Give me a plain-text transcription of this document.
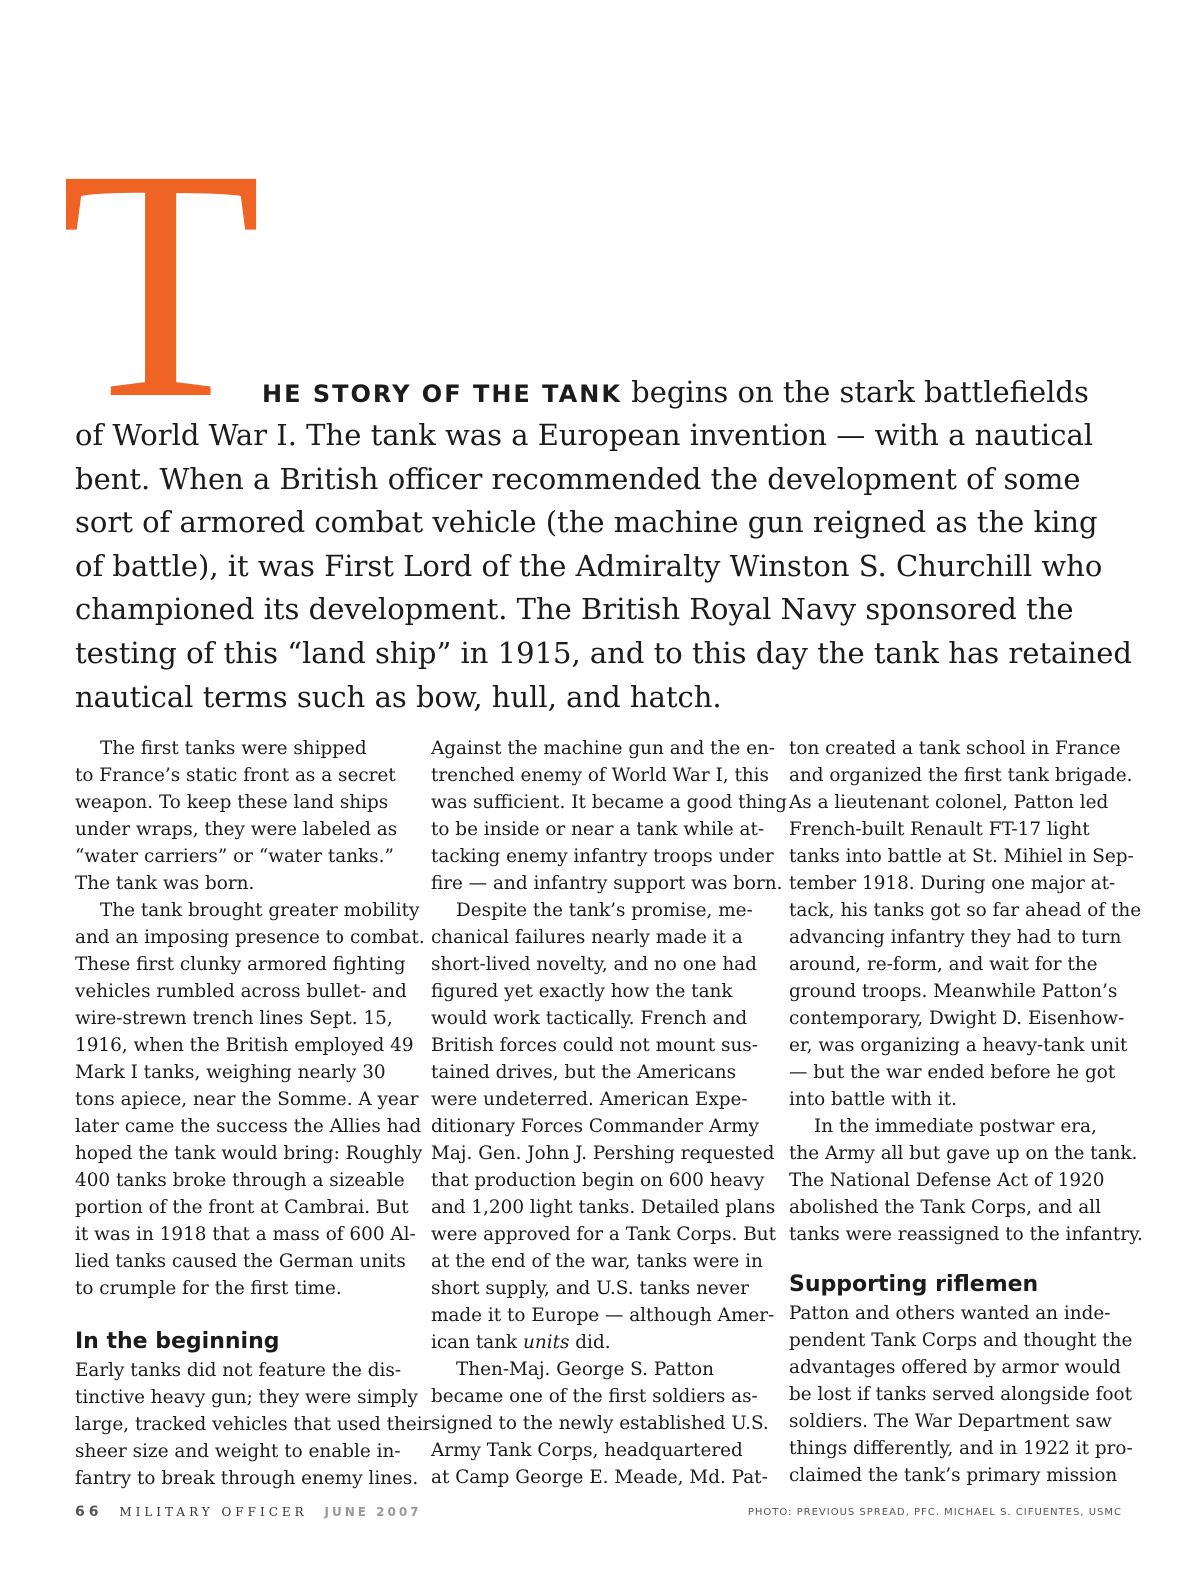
T HE STORY OF THE TANK begins on the stark battlefields
of World War I. The tank was a European invention — with a nautical
bent. When a British officer recommended the development of some
sort of armored combat vehicle (the machine gun reigned as the king
of battle), it was First Lord of the Admiralty Winston S. Churchill who
championed its development. The British Royal Navy sponsored the
testing of this “land ship” in 1915, and to this day the tank has retained
nautical terms such as bow, hull, and hatch.
The first tanks were shipped
to France’s static front as a secret
weapon. To keep these land ships
under wraps, they were labeled as
“water carriers” or “water tanks.”
The tank was born.
The tank brought greater mobility
and an imposing presence to combat.
These first clunky armored fighting
vehicles rumbled across bullet- and
wire-strewn trench lines Sept. 15,
1916, when the British employed 49
Mark I tanks, weighing nearly 30
tons apiece, near the Somme. A year
later came the success the Allies had
hoped the tank would bring: Roughly
400 tanks broke through a sizeable
portion of the front at Cambrai. But
it was in 1918 that a mass of 600 Al-
lied tanks caused the German units
to crumple for the first time.
In the beginning
Early tanks did not feature the dis-
tinctive heavy gun; they were simply
large, tracked vehicles that used their
sheer size and weight to enable in-
fantry to break through enemy lines.
Against the machine gun and the en-
trenched enemy of World War I, this
was sufficient. It became a good thing
to be inside or near a tank while at-
tacking enemy infantry troops under
fire — and infantry support was born.
Despite the tank’s promise, me-
chanical failures nearly made it a
short-lived novelty, and no one had
figured yet exactly how the tank
would work tactically. French and
British forces could not mount sus-
tained drives, but the Americans
were undeterred. American Expe-
ditionary Forces Commander Army
Maj. Gen. John J. Pershing requested
that production begin on 600 heavy
and 1,200 light tanks. Detailed plans
were approved for a Tank Corps. But
at the end of the war, tanks were in
short supply, and U.S. tanks never
made it to Europe — although Amer-
ican tank units did.
Then-Maj. George S. Patton
became one of the first soldiers as-
signed to the newly established U.S.
Army Tank Corps, headquartered
at Camp George E. Meade, Md. Pat-
ton created a tank school in France
and organized the first tank brigade.
As a lieutenant colonel, Patton led
French-built Renault FT-17 light
tanks into battle at St. Mihiel in Sep-
tember 1918. During one major at-
tack, his tanks got so far ahead of the
advancing infantry they had to turn
around, re-form, and wait for the
ground troops. Meanwhile Patton’s
contemporary, Dwight D. Eisenhow-
er, was organizing a heavy-tank unit
— but the war ended before he got
into battle with it.
In the immediate postwar era,
the Army all but gave up on the tank.
The National Defense Act of 1920
abolished the Tank Corps, and all
tanks were reassigned to the infantry.
Supporting riflemen
Patton and others wanted an inde-
pendent Tank Corps and thought the
advantages offered by armor would
be lost if tanks served alongside foot
soldiers. The War Department saw
things differently, and in 1922 it pro-
claimed the tank’s primary mission
66 MILITARY OFFICER JUNE 2007	PHOTO: PREVIOUS SPREAD, PFC. MICHAEL S. CIFUENTES, USMC
